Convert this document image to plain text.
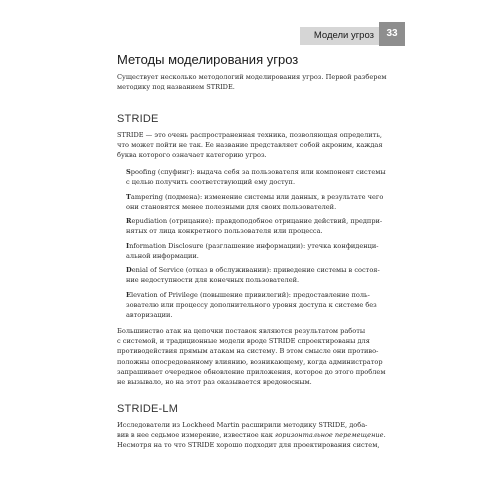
Модели угроз	33
Методы моделирования угроз
Существует несколько методологий моделирования угроз. Первой разберем
методику под названием STRIDE.
STRIDE
STRIDE — это очень распространенная техника, позволяющая определить,
что может пойти не так. Ее название представляет собой акроним, каждая
буква которого означает категорию угроз.
Spoofing (спуфинг): выдача себя за пользователя или компонент системы
с целью получить соответствующий ему доступ.
Tampering (подмена): изменение системы или данных, в результате чего
они становятся менее полезными для своих пользователей.
Repudiation (отрицание): правдоподобное отрицание действий, предпри-
нятых от лица конкретного пользователя или процесса.
Information Disclosure (разглашение информации): утечка конфиденци-
альной информации.
Denial of Service (отказ в обслуживании): приведение системы в состоя-
ние недоступности для конечных пользователей.
Elevation of Privilege (повышение привилегий): предоставление поль-
зователю или процессу дополнительного уровня доступа к системе без
авторизации.
Большинство атак на цепочки поставок являются результатом работы
с системой, и традиционные модели вроде STRIDE спроектированы для
противодействия прямым атакам на систему. В этом смысле они противо-
положны опосредованному влиянию, возникающему, когда администратор
запрашивает очередное обновление приложения, которое до этого проблем
не вызывало, но на этот раз оказывается вредоносным.
STRIDE-LM
Исследователи из Lockheed Martin расширили методику STRIDE, доба-
вив в нее седьмое измерение, известное как горизонтальное перемещение.
Несмотря на то что STRIDE хорошо подходит для проектирования систем,
